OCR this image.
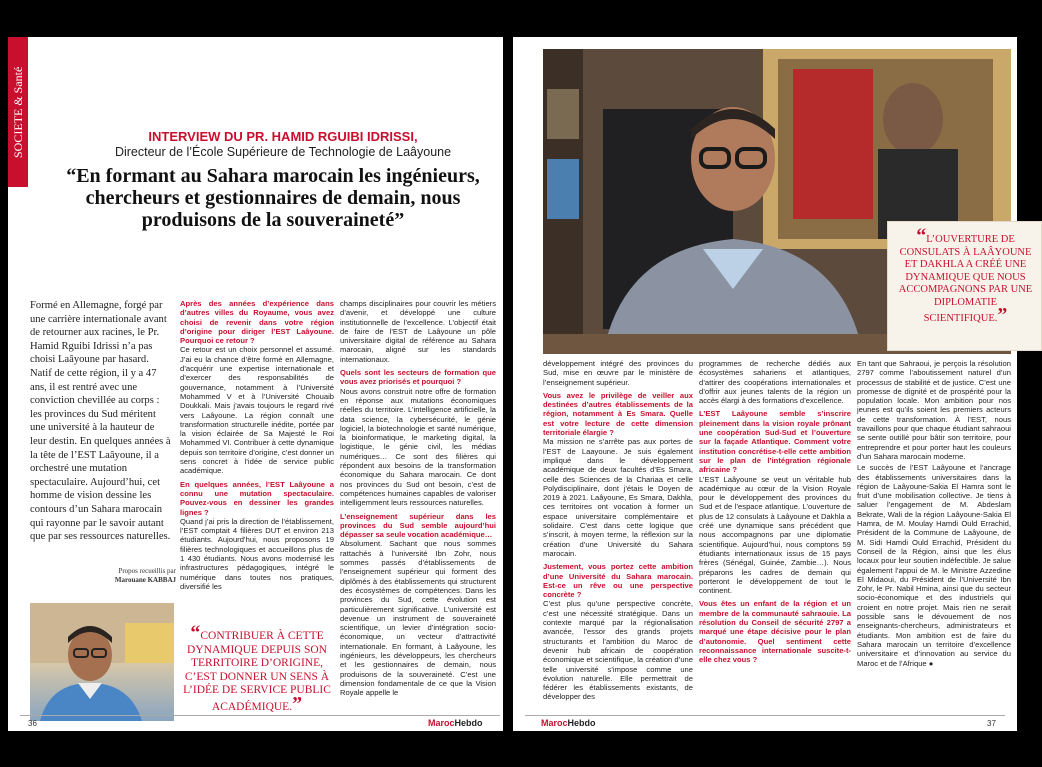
SOCIETE & Santé	INTERVIEW DU PR. HAMID RGUIBI IDRISSI,
Directeur de l’École Supérieure de Technologie de Laâyoune
“En formant au Sahara marocain les ingénieurs, chercheurs et gestionnaires de demain, nous produisons de la souveraineté”
Formé en Allemagne, forgé par une carrière internationale avant de retourner aux racines, le Pr. Hamid Rguibi Idrissi n’a pas choisi Laâyoune par hasard. Natif de cette région, il y a 47 ans, il est rentré avec une conviction chevillée au corps : les provinces du Sud méritent une université à la hauteur de leur destin. En quelques années à la tête de l’EST Laâyoune, il a orchestré une mutation spectaculaire. Aujourd’hui, cet homme de vision dessine les contours d’un Sahara marocain qui rayonne par le savoir autant que par ses ressources naturelles.
Propos recueillis par
Marouane KABBAJ
Après des années d’expérience dans d’autres villes du Royaume, vous avez choisi de revenir dans votre région d’origine pour diriger l’EST Laâyoune. Pourquoi ce retour ?

Ce retour est un choix personnel et assumé. J’ai eu la chance d’être formé en Allemagne, d’acquérir une expertise internationale et d’exercer des responsabilités de gouvernance, notamment à l’Université Mohammed V et à l’Université Chouaib Doukkali. Mais j’avais toujours le regard rivé vers Laâyoune. La région connaît une transformation structurelle inédite, portée par la vision éclairée de Sa Majesté le Roi Mohammed VI. Contribuer à cette dynamique depuis son territoire d’origine, c’est donner un sens concret à l’idée de service public académique.

En quelques années, l’EST Laâyoune a connu une mutation spectaculaire. Pouvez-vous en dessiner les grandes lignes ?

Quand j’ai pris la direction de l’établissement, l’EST comptait 4 filières DUT et environ 213 étudiants. Aujourd’hui, nous proposons 19 filières technologiques et accueillons plus de 1 430 étudiants. Nous avons modernisé les infrastructures pédagogiques, intégré le numérique dans toutes nos pratiques, diversifié les

“CONTRIBUER À CETTE DYNAMIQUE DEPUIS SON TERRITOIRE D’ORIGINE, C’EST DONNER UN SENS À L’IDÉE DE SERVICE PUBLIC ACADÉMIQUE.”

champs disciplinaires pour couvrir les métiers d’avenir, et développé une culture institutionnelle de l’excellence. L’objectif était de faire de l’EST de Laâyoune un pôle universitaire digital de référence au Sahara marocain, aligné sur les standards internationaux.

Quels sont les secteurs de formation que vous avez priorisés et pourquoi ?

Nous avons construit notre offre de formation en réponse aux mutations économiques réelles du territoire. L’intelligence artificielle, la data science, la cybersécurité, le génie logiciel, la biotechnologie et santé numérique, la bioinformatique, le marketing digital, la logistique, le génie civil, les médias numériques… Ce sont des filières qui répondent aux besoins de la transformation économique du Sahara marocain. Ce dont nos provinces du Sud ont besoin, c’est de compétences humaines capables de valoriser intelligemment leurs ressources naturelles.

L’enseignement supérieur dans les provinces du Sud semble aujourd’hui dépasser sa seule vocation académique…

Absolument. Sachant que nous sommes rattachés à l’université Ibn Zohr, nous sommes passés d’établissements de l’enseignement supérieur qui forment des diplômés à des établissements qui structurent des écosystèmes de compétences. Dans les provinces du Sud, cette évolution est particulièrement significative. L’université est devenue un instrument de souveraineté scientifique, un levier d’intégration socio-économique, un vecteur d’attractivité internationale. En formant, à Laâyoune, les ingénieurs, les développeurs, les chercheurs et les gestionnaires de demain, nous produisons de la souveraineté. C’est une dimension fondamentale de ce que la Vision Royale appelle le

36	MarocHebdo
“L’OUVERTURE DE CONSULATS À LAÂYOUNE ET DAKHLA A CRÉÉ UNE DYNAMIQUE QUE NOUS ACCOMPAGNONS PAR UNE DIPLOMATIE SCIENTIFIQUE.”

développement intégré des provinces du Sud, mise en œuvre par le ministère de l’enseignement supérieur.

Vous avez le privilège de veiller aux destinées d’autres établissements de la région, notamment à Es Smara. Quelle est votre lecture de cette dimension territoriale élargie ?

Ma mission ne s’arrête pas aux portes de l’EST de Laayoune. Je suis également impliqué dans le développement académique de deux facultés d’Es Smara, celle des Sciences de la Chariaa et celle Polydisciplinaire, dont j’étais le Doyen de 2019 à 2021. Laâyoune, Es Smara, Dakhla, ces territoires ont vocation à former un espace universitaire complémentaire et solidaire. C’est dans cette logique que s’inscrit, à moyen terme, la réflexion sur la création d’une Université du Sahara marocain.

Justement, vous portez cette ambition d’une Université du Sahara marocain. Est-ce un rêve ou une perspective concrète ?

C’est plus qu’une perspective concrète, c’est une nécessité stratégique. Dans un contexte marqué par la régionalisation avancée, l’essor des grands projets structurants et l’ambition du Maroc de devenir hub africain de coopération économique et scientifique, la création d’une telle université s’impose comme une évolution naturelle. Elle permettrait de fédérer les établissements existants, de développer des

programmes de recherche dédiés aux écosystèmes sahariens et atlantiques, d’attirer des coopérations internationales et d’offrir aux jeunes talents de la région un accès élargi à des formations d’excellence.

L’EST Laâyoune semble s’inscrire pleinement dans la vision royale prônant une coopération Sud-Sud et l’ouverture sur la façade Atlantique. Comment votre institution concrétise-t-elle cette ambition sur le plan de l’intégration régionale africaine ?

L’EST Laâyoune se veut un véritable hub académique au cœur de la Vision Royale pour le développement des provinces du Sud et de l’espace atlantique. L’ouverture de plus de 12 consulats à Laâyoune et Dakhla a créé une dynamique sans précédent que nous accompagnons par une diplomatie scientifique. Aujourd’hui, nous comptons 59 étudiants internationaux issus de 15 pays frères (Sénégal, Guinée, Zambie…). Nous préparons les cadres de demain qui porteront le développement de tout le continent.

Vous êtes un enfant de la région et un membre de la communauté sahraouie. La résolution du Conseil de sécurité 2797 a marqué une étape décisive pour le plan d’autonomie. Quel sentiment cette reconnaissance internationale suscite-t-elle chez vous ?

En tant que Sahraoui, je perçois la résolution 2797 comme l’aboutissement naturel d’un processus de stabilité et de justice. C’est une promesse de dignité et de prospérité pour la population locale. Mon ambition pour nos jeunes est qu’ils soient les premiers acteurs de cette transformation. À l’EST, nous travaillons pour que chaque étudiant sahraoui se sente outillé pour bâtir son territoire, pour entreprendre et pour porter haut les couleurs d’un Sahara marocain moderne.

Le succès de l’EST Laâyoune et l’ancrage des établissements universitaires dans la région de Laâyoune-Sakia El Hamra sont le fruit d’une mobilisation collective. Je tiens à saluer l’engagement de M. Abdeslam Bekrate, Wali de la région Laâyoune-Sakia El Hamra, de M. Moulay Hamdi Ould Errachid, Président de la Commune de Laâyoune, de M. Sidi Hamdi Ould Errachid, Président du Conseil de la Région, ainsi que les élus locaux pour leur soutien indéfectible. Je salue également l’appui de M. le Ministre Azzedine El Midaoui, du Président de l’Université Ibn Zohr, le Pr. Nabil Hmina, ainsi que du secteur socio-économique et des industriels qui croient en notre projet. Mais rien ne serait possible sans le dévouement de nos enseignants-chercheurs, administrateurs et étudiants. Mon ambition est de faire du Sahara marocain un territoire d’excellence universitaire et d’innovation au service du Maroc et de l’Afrique ●

MarocHebdo	37
